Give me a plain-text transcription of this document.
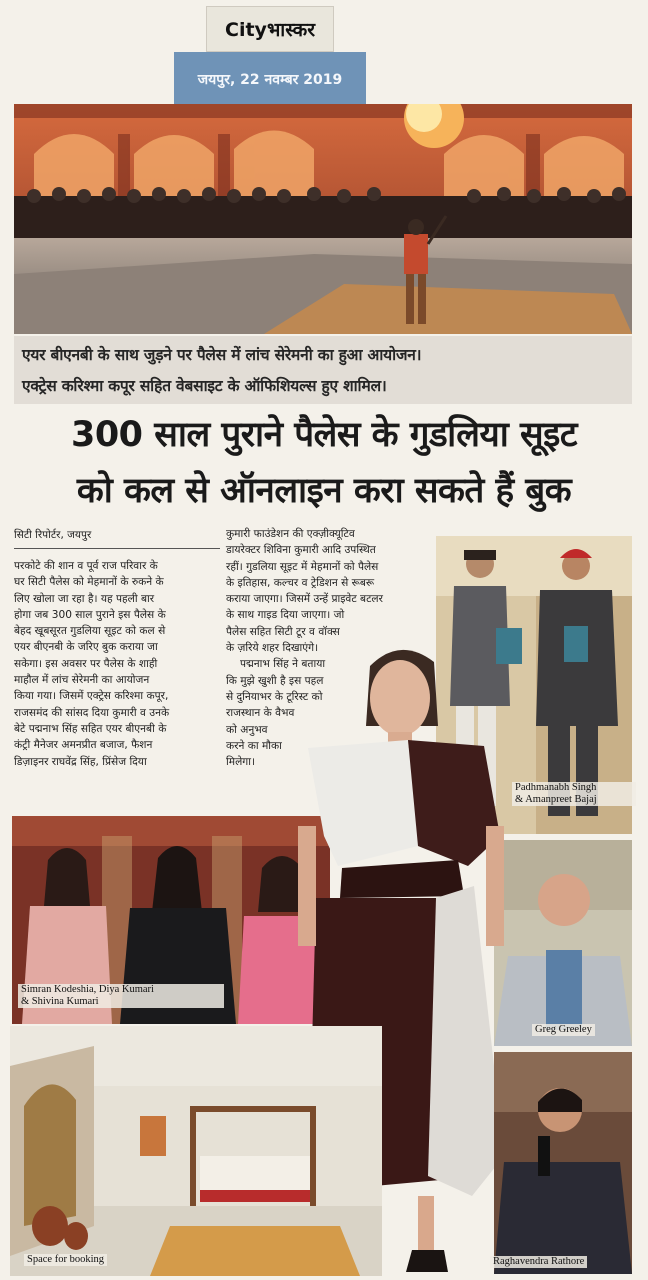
Cityभास्कर
जयपुर, 22 नवम्बर 2019
एयर बीएनबी के साथ जुड़ने पर पैलेस में लांच सेरेमनी का हुआ आयोजन।
एक्ट्रेस करिश्मा कपूर सहित वेबसाइट के ऑफिशियल्स हुए शामिल।
300 साल पुराने पैलेस के गुडलिया सूइट
को कल से ऑनलाइन करा सकते हैं बुक
सिटी रिपोर्टर, जयपुर
परकोटे की शान व पूर्व राज परिवार के
घर सिटी पैलेस को मेहमानों के रुकने के
लिए खोला जा रहा है। यह पहली बार
होगा जब 300 साल पुराने इस पैलेस के
बेहद खूबसूरत गुडलिया सूइट को कल से
एयर बीएनबी के जरिए बुक कराया जा
सकेगा। इस अवसर पर पैलेस के शाही
माहौल में लांच सेरेमनी का आयोजन
किया गया। जिसमें एक्ट्रेस करिश्मा कपूर,
राजसमंद की सांसद दिया कुमारी व उनके
बेटे पद्मनाभ सिंह सहित एयर बीएनबी के
कंट्री मैनेजर अमनप्रीत बजाज, फैशन
डिज़ाइनर राघवेंद्र सिंह, प्रिंसेज दिया
कुमारी फाउंडेशन की एक्ज़ीक्यूटिव
डायरेक्टर शिविना कुमारी आदि उपस्थित
रहीं। गुडलिया सूइट में मेहमानों को पैलेस
के इतिहास, कल्चर व ट्रेडिशन से रूबरू
कराया जाएगा। जिसमें उन्हें प्राइवेट बटलर
के साथ गाइड दिया जाएगा। जो
पैलेस सहित सिटी टूर व वॉक्स
के ज़रिये शहर दिखाएंगे।
पद्मनाभ सिंह ने बताया
कि मुझे खुशी है इस पहल
से दुनियाभर के टूरिस्ट को
राजस्थान के वैभव
को अनुभव
करने का मौका
मिलेगा।
Padhmanabh Singh
& Amanpreet Bajaj
Simran Kodeshia, Diya Kumari
& Shivina Kumari
Greg Greeley
Space for booking	Raghavendra Rathore
